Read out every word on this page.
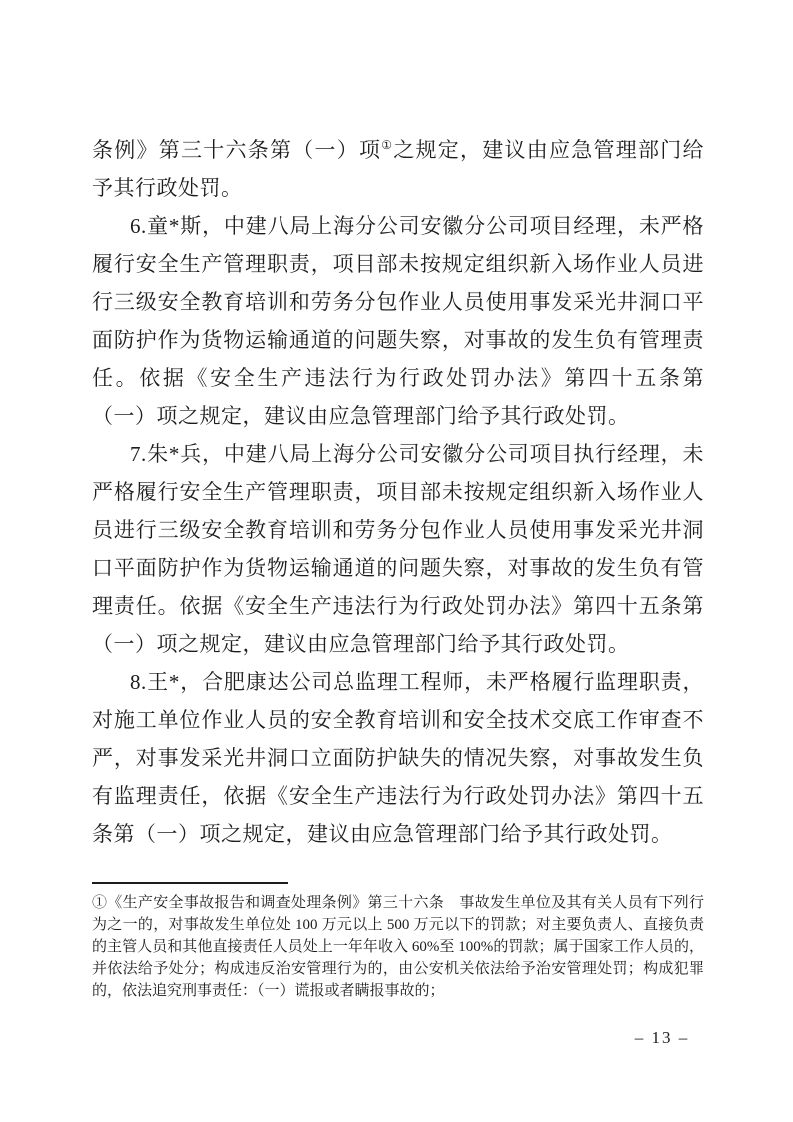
条例》第三十六条第（一）项①之规定，建议由应急管理部门给予其行政处罚。

6.童*斯，中建八局上海分公司安徽分公司项目经理，未严格履行安全生产管理职责，项目部未按规定组织新入场作业人员进行三级安全教育培训和劳务分包作业人员使用事发采光井洞口平面防护作为货物运输通道的问题失察，对事故的发生负有管理责任。依据《安全生产违法行为行政处罚办法》第四十五条第（一）项之规定，建议由应急管理部门给予其行政处罚。

7.朱*兵，中建八局上海分公司安徽分公司项目执行经理，未严格履行安全生产管理职责，项目部未按规定组织新入场作业人员进行三级安全教育培训和劳务分包作业人员使用事发采光井洞口平面防护作为货物运输通道的问题失察，对事故的发生负有管理责任。依据《安全生产违法行为行政处罚办法》第四十五条第（一）项之规定，建议由应急管理部门给予其行政处罚。

8.王*，合肥康达公司总监理工程师，未严格履行监理职责，对施工单位作业人员的安全教育培训和安全技术交底工作审查不严，对事发采光井洞口立面防护缺失的情况失察，对事故发生负有监理责任，依据《安全生产违法行为行政处罚办法》第四十五条第（一）项之规定，建议由应急管理部门给予其行政处罚。

①《生产安全事故报告和调查处理条例》第三十六条　事故发生单位及其有关人员有下列行为之一的，对事故发生单位处 100 万元以上 500 万元以下的罚款；对主要负责人、直接负责的主管人员和其他直接责任人员处上一年年收入 60%至 100%的罚款；属于国家工作人员的，并依法给予处分；构成违反治安管理行为的，由公安机关依法给予治安管理处罚；构成犯罪的，依法追究刑事责任：（一）谎报或者瞒报事故的；

– 13 –
